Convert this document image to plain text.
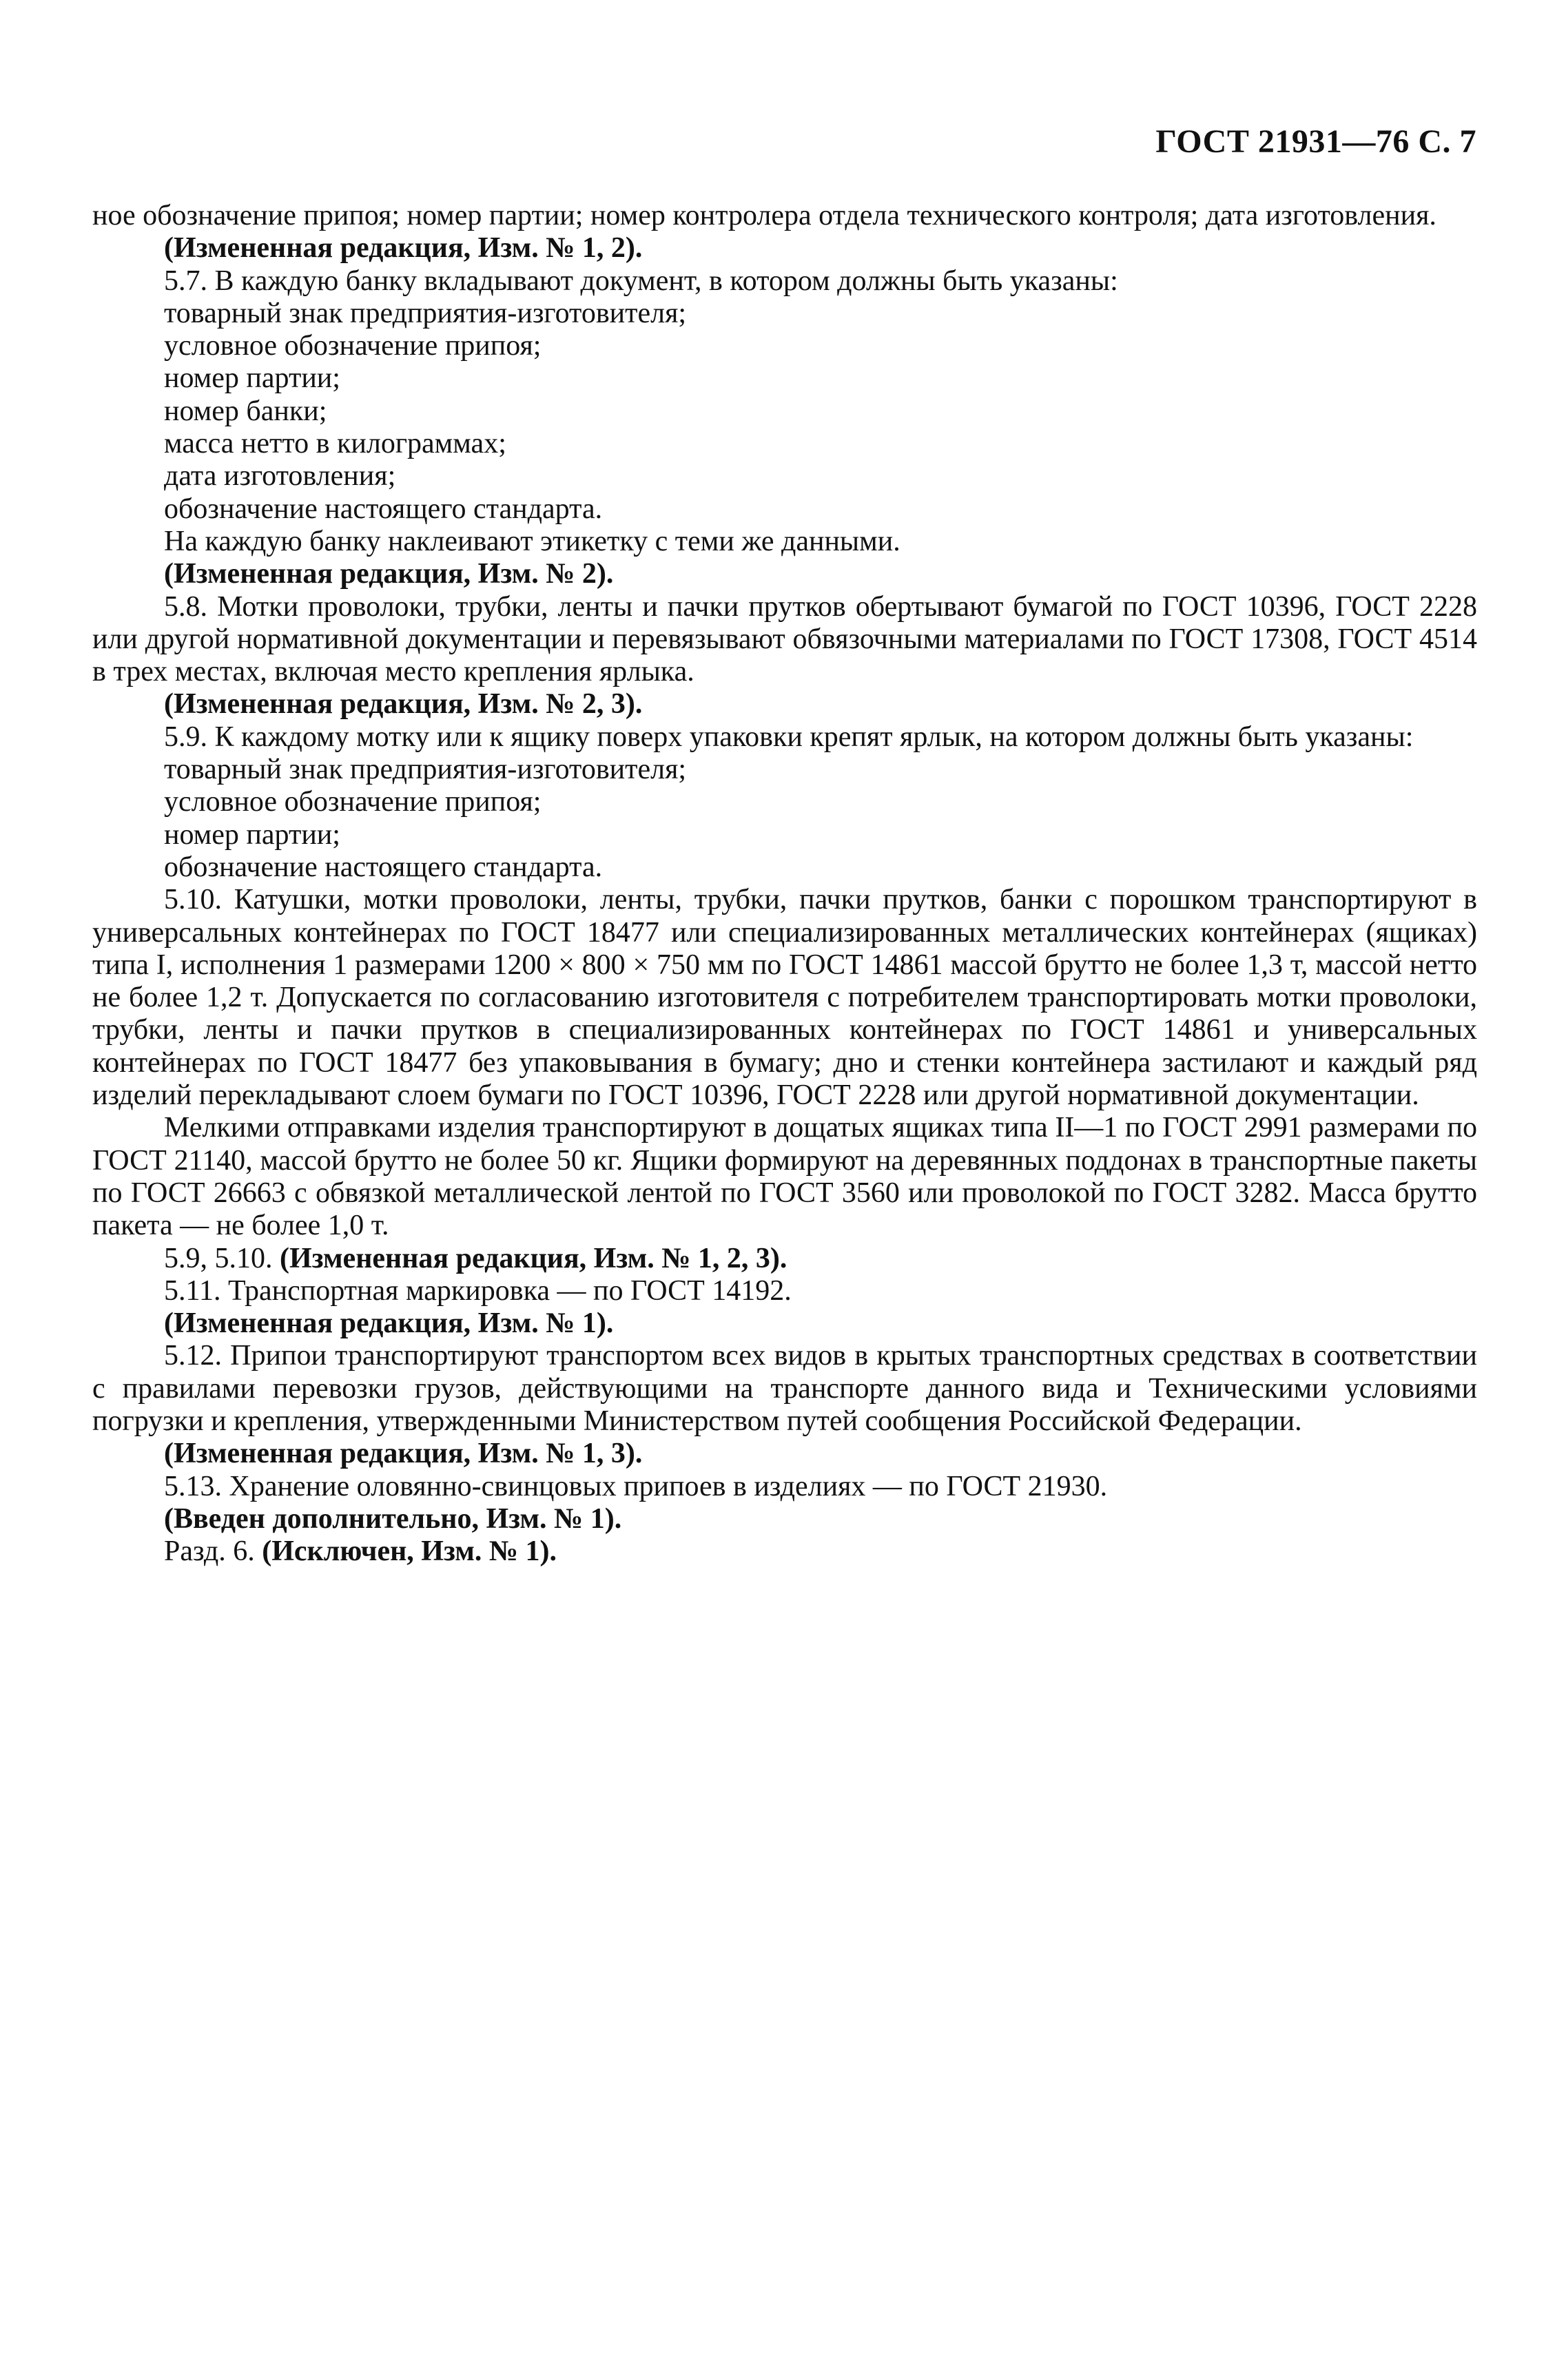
ГОСТ 21931—76 С. 7

ное обозначение припоя; номер партии; номер контролера отдела технического контроля; дата изготовления.

(Измененная редакция, Изм. № 1, 2).

5.7. В каждую банку вкладывают документ, в котором должны быть указаны:

товарный знак предприятия-изготовителя;

условное обозначение припоя;

номер партии;

номер банки;

масса нетто в килограммах;

дата изготовления;

обозначение настоящего стандарта.

На каждую банку наклеивают этикетку с теми же данными.

(Измененная редакция, Изм. № 2).

5.8. Мотки проволоки, трубки, ленты и пачки прутков обертывают бумагой по ГОСТ 10396, ГОСТ 2228 или другой нормативной документации и перевязывают обвязочными материалами по ГОСТ 17308, ГОСТ 4514 в трех местах, включая место крепления ярлыка.

(Измененная редакция, Изм. № 2, 3).

5.9. К каждому мотку или к ящику поверх упаковки крепят ярлык, на котором должны быть указаны:

товарный знак предприятия-изготовителя;

условное обозначение припоя;

номер партии;

обозначение настоящего стандарта.

5.10. Катушки, мотки проволоки, ленты, трубки, пачки прутков, банки с порошком транспортируют в универсальных контейнерах по ГОСТ 18477 или специализированных металлических контейнерах (ящиках) типа I, исполнения 1 размерами 1200 × 800 × 750 мм по ГОСТ 14861 массой брутто не более 1,3 т, массой нетто не более 1,2 т. Допускается по согласованию изготовителя с потребителем транспортировать мотки проволоки, трубки, ленты и пачки прутков в специализированных контейнерах по ГОСТ 14861 и универсальных контейнерах по ГОСТ 18477 без упаковывания в бумагу; дно и стенки контейнера застилают и каждый ряд изделий перекладывают слоем бумаги по ГОСТ 10396, ГОСТ 2228 или другой нормативной документации.

Мелкими отправками изделия транспортируют в дощатых ящиках типа II—1 по ГОСТ 2991 размерами по ГОСТ 21140, массой брутто не более 50 кг. Ящики формируют на деревянных поддонах в транспортные пакеты по ГОСТ 26663 с обвязкой металлической лентой по ГОСТ 3560 или проволокой по ГОСТ 3282. Масса брутто пакета — не более 1,0 т.

5.9, 5.10. (Измененная редакция, Изм. № 1, 2, 3).

5.11. Транспортная маркировка — по ГОСТ 14192.

(Измененная редакция, Изм. № 1).

5.12. Припои транспортируют транспортом всех видов в крытых транспортных средствах в соответствии с правилами перевозки грузов, действующими на транспорте данного вида и Техническими условиями погрузки и крепления, утвержденными Министерством путей сообщения Российской Федерации.

(Измененная редакция, Изм. № 1, 3).

5.13. Хранение оловянно-свинцовых припоев в изделиях — по ГОСТ 21930.

(Введен дополнительно, Изм. № 1).

Разд. 6. (Исключен, Изм. № 1).
